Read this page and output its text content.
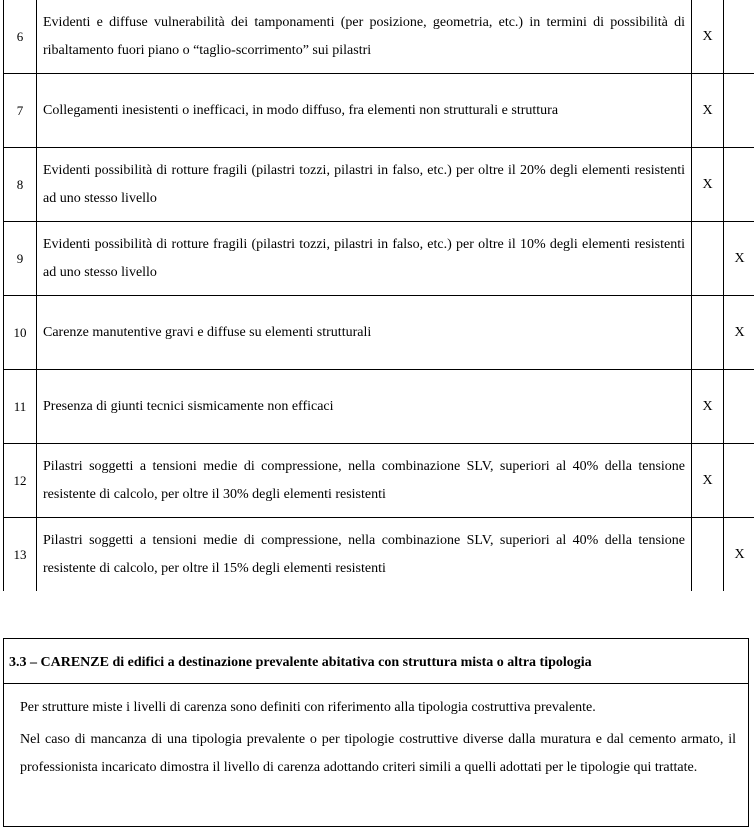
6	Evidenti e diffuse vulnerabilità dei tamponamenti (per posizione, geometria, etc.) in termini di possibilità di ribaltamento fuori piano o “taglio-scorrimento” sui pilastri	X	
7	Collegamenti inesistenti o inefficaci, in modo diffuso, fra elementi non strutturali e struttura	X	
8	Evidenti possibilità di rotture fragili (pilastri tozzi, pilastri in falso, etc.) per oltre il 20% degli elementi resistenti ad uno stesso livello	X	
9	Evidenti possibilità di rotture fragili (pilastri tozzi, pilastri in falso, etc.) per oltre il 10% degli elementi resistenti ad uno stesso livello		X
10	Carenze manutentive gravi e diffuse su elementi strutturali		X
11	Presenza di giunti tecnici sismicamente non efficaci	X	
12	Pilastri soggetti a tensioni medie di compressione, nella combinazione SLV, superiori al 40% della tensione resistente di calcolo, per oltre il 30% degli elementi resistenti	X	
13	Pilastri soggetti a tensioni medie di compressione, nella combinazione SLV, superiori al 40% della tensione resistente di calcolo, per oltre il 15% degli elementi resistenti		X
3.3 – CARENZE di edifici a destinazione prevalente abitativa con struttura mista o altra tipologia

Per strutture miste i livelli di carenza sono definiti con riferimento alla tipologia costruttiva prevalente.

Nel caso di mancanza di una tipologia prevalente o per tipologie costruttive diverse dalla muratura e dal cemento armato, il professionista incaricato dimostra il livello di carenza adottando criteri simili a quelli adottati per le tipologie qui trattate.
